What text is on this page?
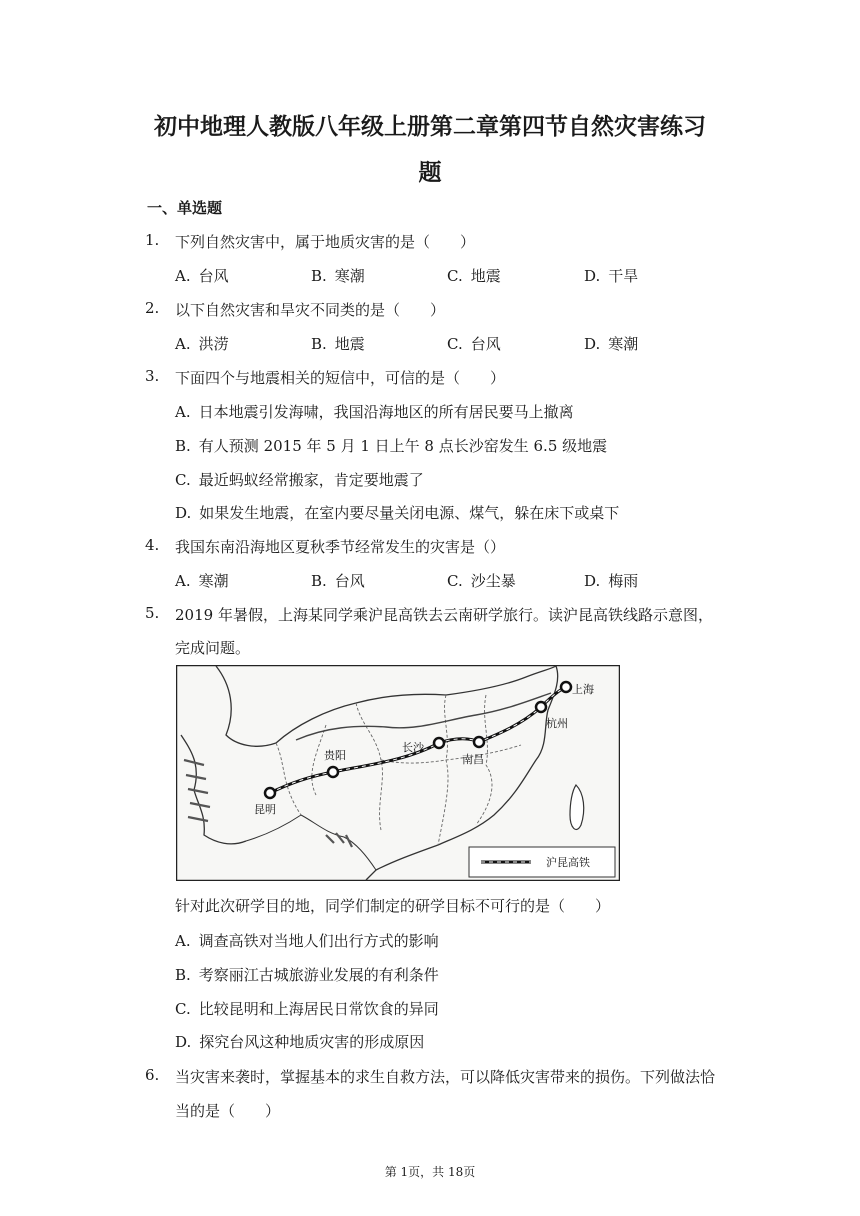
初中地理人教版八年级上册第二章第四节自然灾害练习
题
一、单选题
1. 下列自然灾害中，属于地质灾害的是（　　）
A. 台风	B. 寒潮	C. 地震	D. 干旱
2. 以下自然灾害和旱灾不同类的是（　　）
A. 洪涝	B. 地震	C. 台风	D. 寒潮
3. 下面四个与地震相关的短信中，可信的是（　　）
A. 日本地震引发海啸，我国沿海地区的所有居民要马上撤离
B. 有人预测 2015 年 5 月 1 日上午 8 点长沙窑发生 6.5 级地震
C. 最近蚂蚁经常搬家，肯定要地震了
D. 如果发生地震，在室内要尽量关闭电源、煤气，躲在床下或桌下
4. 我国东南沿海地区夏秋季节经常发生的灾害是（）
A. 寒潮	B. 台风	C. 沙尘暴	D. 梅雨
5. 2019 年暑假，上海某同学乘沪昆高铁去云南研学旅行。读沪昆高铁线路示意图，
完成问题。
昆明
贵阳
长沙
南昌
杭州
上海
沪昆高铁
针对此次研学目的地，同学们制定的研学目标不可行的是（　　）
A. 调查高铁对当地人们出行方式的影响
B. 考察丽江古城旅游业发展的有利条件
C. 比较昆明和上海居民日常饮食的异同
D. 探究台风这种地质灾害的形成原因
6. 当灾害来袭时，掌握基本的求生自救方法，可以降低灾害带来的损伤。下列做法恰
当的是（　　）
第 1页，共 18页
